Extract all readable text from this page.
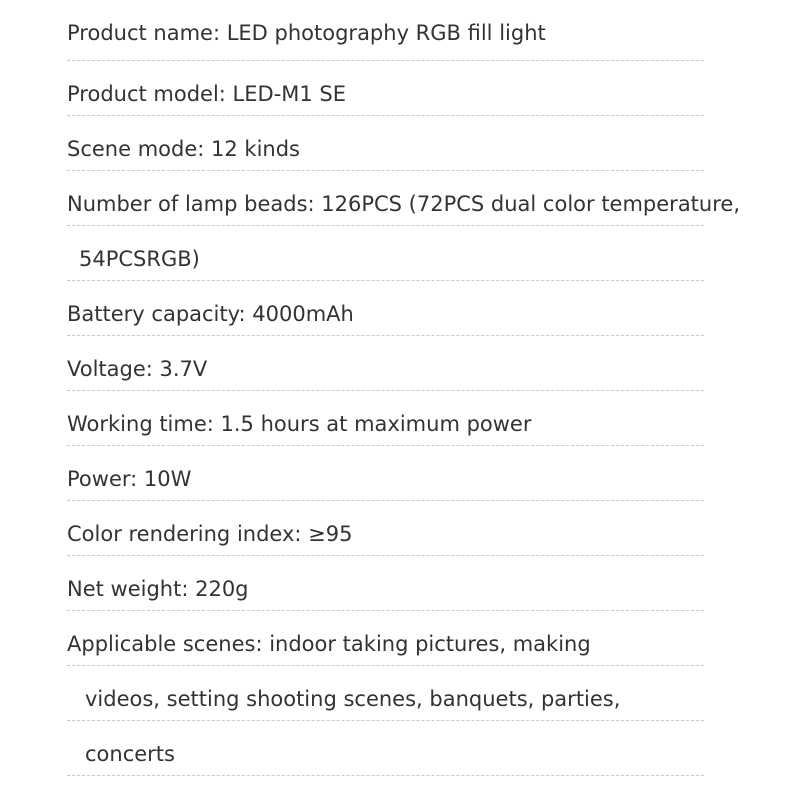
Product name: LED photography RGB fill light
Product model: LED-M1 SE
Scene mode: 12 kinds
Number of lamp beads: 126PCS (72PCS dual color temperature,
54PCSRGB)
Battery capacity: 4000mAh
Voltage: 3.7V
Working time: 1.5 hours at maximum power
Power: 10W
Color rendering index: ≥95
Net weight: 220g
Applicable scenes: indoor taking pictures, making
videos, setting shooting scenes, banquets, parties,
concerts
